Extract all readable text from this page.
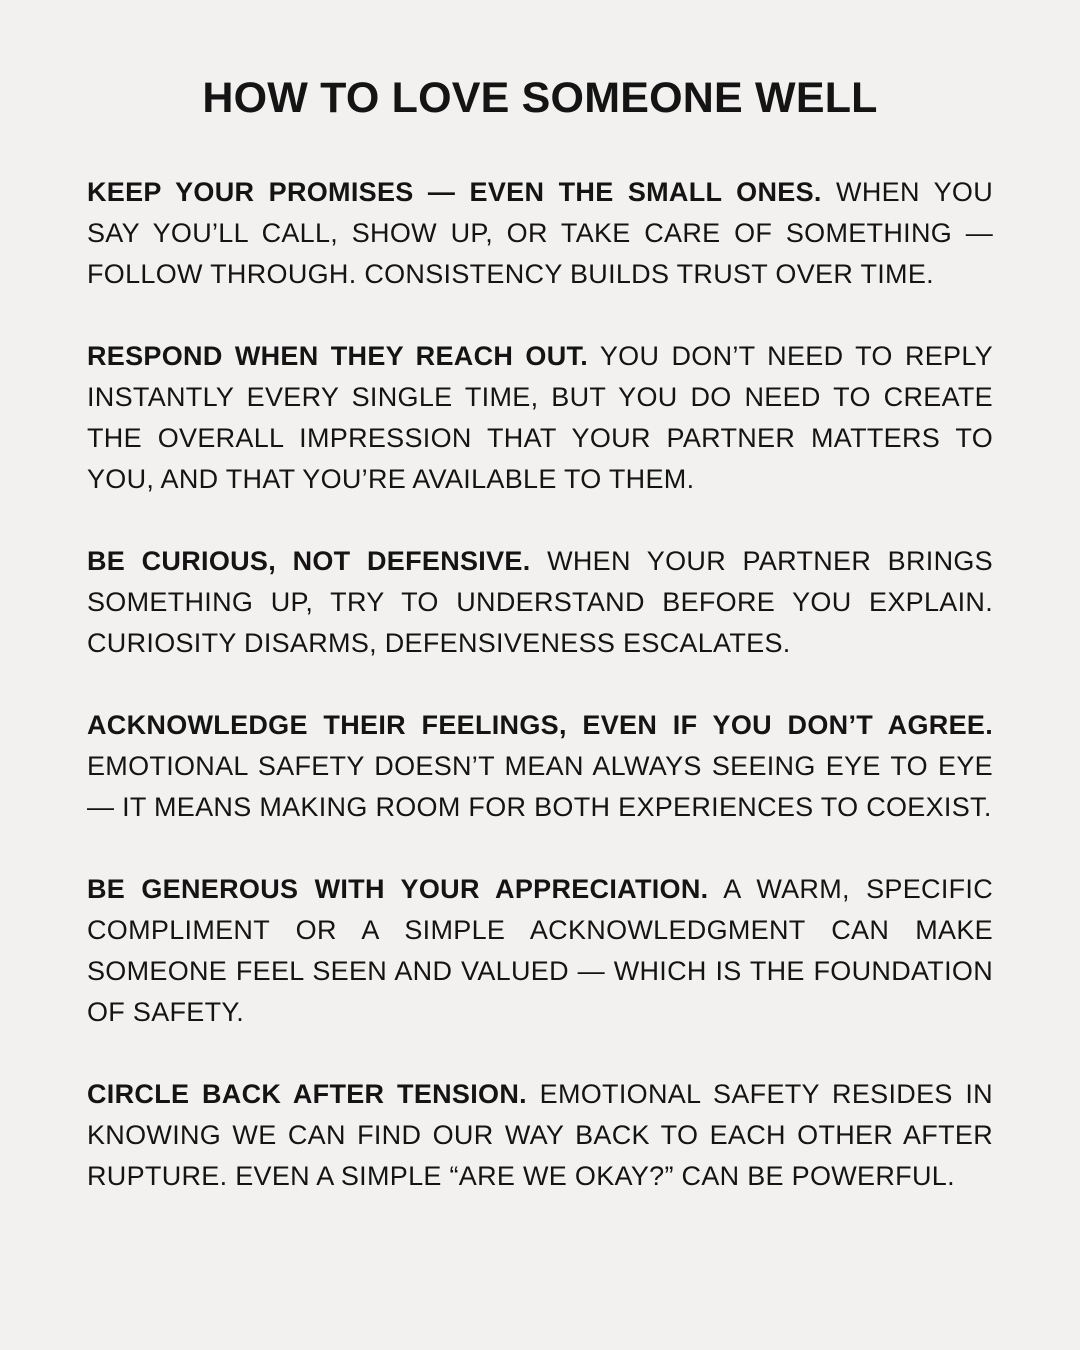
HOW TO LOVE SOMEONE WELL
KEEP YOUR PROMISES — EVEN THE SMALL ONES. WHEN YOU SAY YOU’LL CALL, SHOW UP, OR TAKE CARE OF SOMETHING — FOLLOW THROUGH. CONSISTENCY BUILDS TRUST OVER TIME.
RESPOND WHEN THEY REACH OUT. YOU DON’T NEED TO REPLY INSTANTLY EVERY SINGLE TIME, BUT YOU DO NEED TO CREATE THE OVERALL IMPRESSION THAT YOUR PARTNER MATTERS TO YOU, AND THAT YOU’RE AVAILABLE TO THEM.
BE CURIOUS, NOT DEFENSIVE. WHEN YOUR PARTNER BRINGS SOMETHING UP, TRY TO UNDERSTAND BEFORE YOU EXPLAIN. CURIOSITY DISARMS, DEFENSIVENESS ESCALATES.
ACKNOWLEDGE THEIR FEELINGS, EVEN IF YOU DON’T AGREE. EMOTIONAL SAFETY DOESN’T MEAN ALWAYS SEEING EYE TO EYE — IT MEANS MAKING ROOM FOR BOTH EXPERIENCES TO COEXIST.
BE GENEROUS WITH YOUR APPRECIATION. A WARM, SPECIFIC COMPLIMENT OR A SIMPLE ACKNOWLEDGMENT CAN MAKE SOMEONE FEEL SEEN AND VALUED — WHICH IS THE FOUNDATION OF SAFETY.
CIRCLE BACK AFTER TENSION. EMOTIONAL SAFETY RESIDES IN KNOWING WE CAN FIND OUR WAY BACK TO EACH OTHER AFTER RUPTURE. EVEN A SIMPLE “ARE WE OKAY?” CAN BE POWERFUL.
